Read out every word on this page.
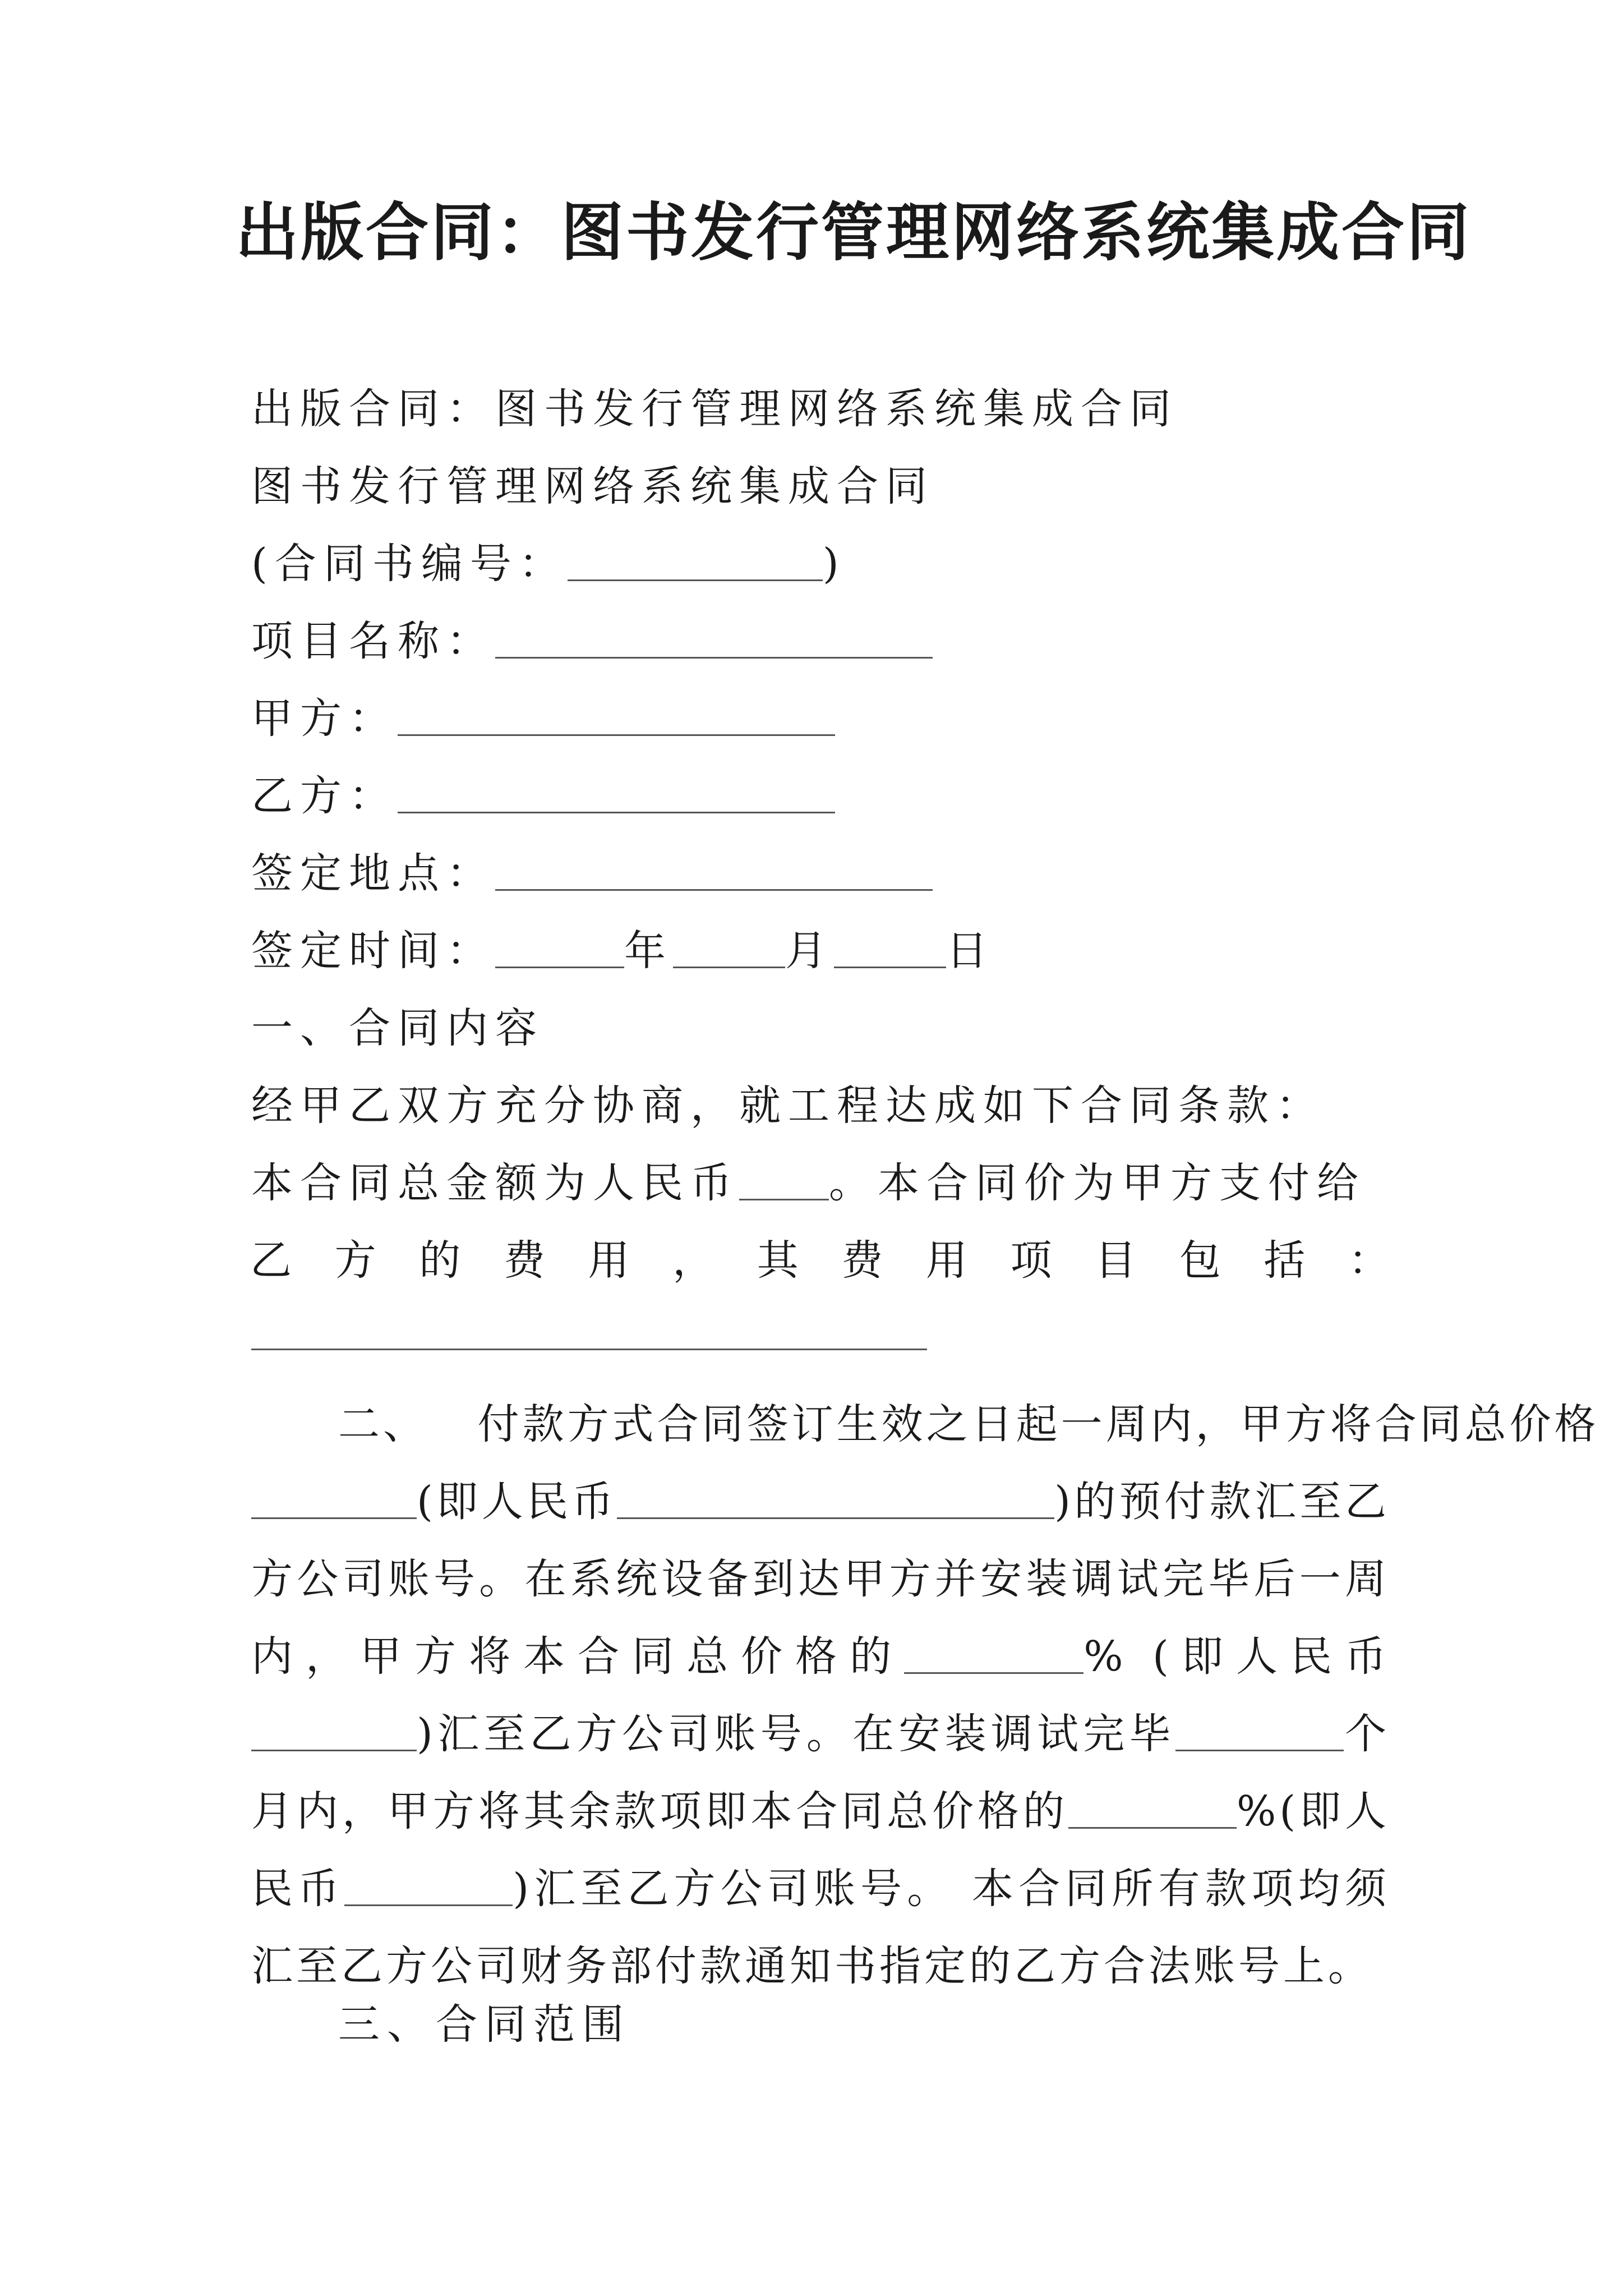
出版合同：图书发行管理网络系统集成合同

出版合同：图书发行管理网络系统集成合同

图书发行管理网络系统集成合同

(合同书编号：	)

项目名称：

甲方：

乙方：

签定地点：

签定时间：	年	月	日

一、合同内容

经甲乙双方充分协商，就工程达成如下合同条款：

本合同总金额为人民币 。本合同价为甲方支付给

乙 方 的 费 用 ， 其 费 用 项 目 包 括 ：

二、   付款方式合同签订生效之日起一周内，甲方将合同总价格(即人民币	)的预付款汇至乙方公司账号。在系统设备到达甲方并安装调试完毕后一周内，甲方将本合同总价格的	% (即人民币)汇至乙方公司账号。在安装调试完毕	个月内，甲方将其余款项即本合同总价格的	%(即人民币	)汇至乙方公司账号。 本合同所有款项均须汇至乙方公司财务部付款通知书指定的乙方合法账号上。

三、合同范围
